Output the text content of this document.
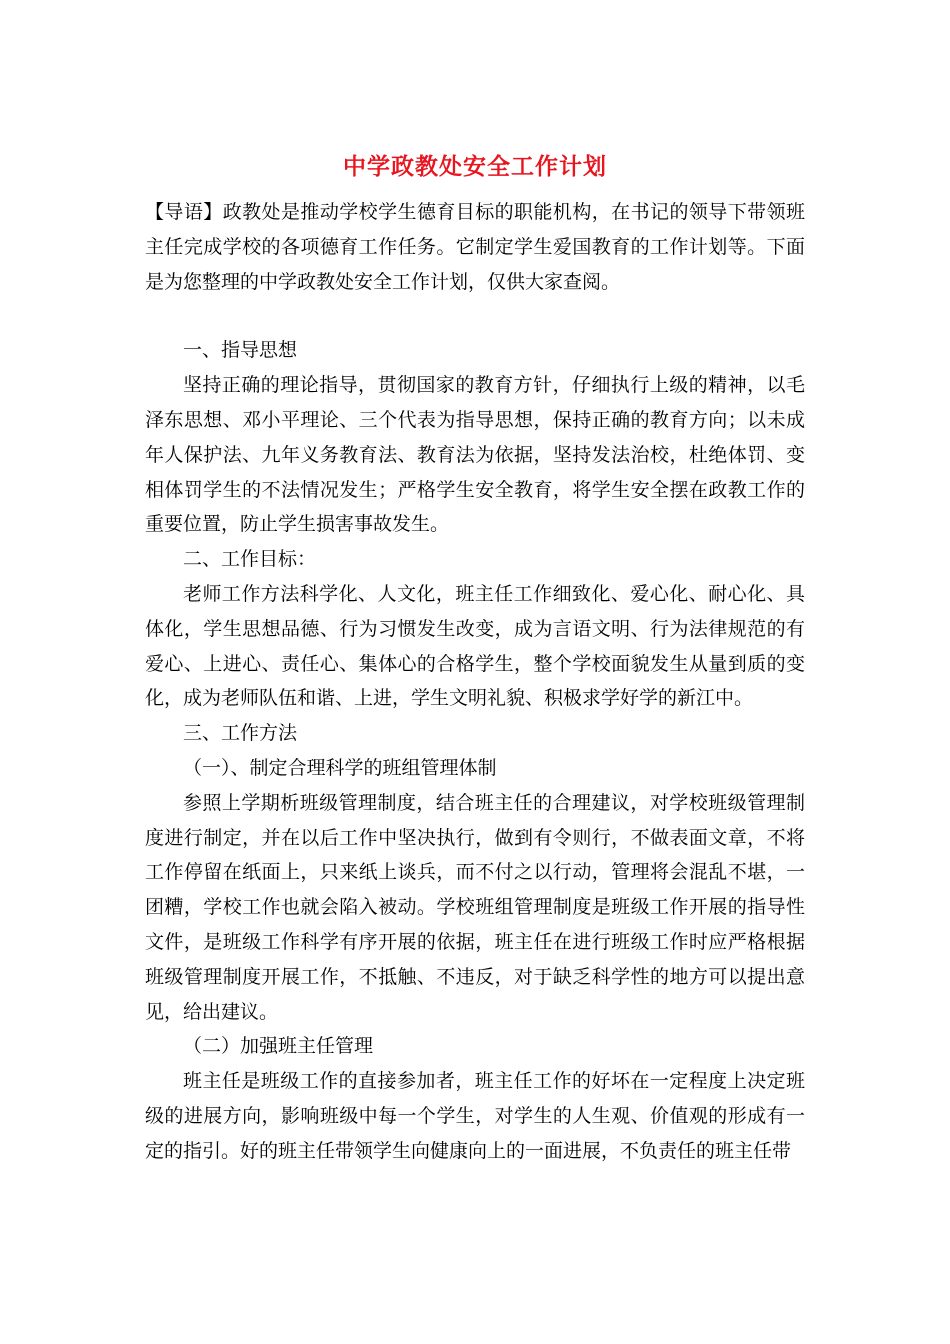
中学政教处安全工作计划

【导语】政教处是推动学校学生德育目标的职能机构，在书记的领导下带领班主任完成学校的各项德育工作任务。它制定学生爱国教育的工作计划等。下面是为您整理的中学政教处安全工作计划，仅供大家查阅。

一、指导思想

坚持正确的理论指导，贯彻国家的教育方针，仔细执行上级的精神，以毛泽东思想、邓小平理论、三个代表为指导思想，保持正确的教育方向；以未成年人保护法、九年义务教育法、教育法为依据，坚持发法治校，杜绝体罚、变相体罚学生的不法情况发生；严格学生安全教育，将学生安全摆在政教工作的重要位置，防止学生损害事故发生。

二、工作目标：

老师工作方法科学化、人文化，班主任工作细致化、爱心化、耐心化、具体化，学生思想品德、行为习惯发生改变，成为言语文明、行为法律规范的有爱心、上进心、责任心、集体心的合格学生，整个学校面貌发生从量到质的变化，成为老师队伍和谐、上进，学生文明礼貌、积极求学好学的新江中。

三、工作方法

（一）、制定合理科学的班组管理体制

参照上学期析班级管理制度，结合班主任的合理建议，对学校班级管理制度进行制定，并在以后工作中坚决执行，做到有令则行，不做表面文章，不将工作停留在纸面上，只来纸上谈兵，而不付之以行动，管理将会混乱不堪，一团糟，学校工作也就会陷入被动。学校班组管理制度是班级工作开展的指导性文件，是班级工作科学有序开展的依据，班主任在进行班级工作时应严格根据班级管理制度开展工作，不抵触、不违反，对于缺乏科学性的地方可以提出意见，给出建议。

（二）加强班主任管理

班主任是班级工作的直接参加者，班主任工作的好坏在一定程度上决定班级的进展方向，影响班级中每一个学生，对学生的人生观、价值观的形成有一定的指引。好的班主任带领学生向健康向上的一面进展，不负责任的班主任带
